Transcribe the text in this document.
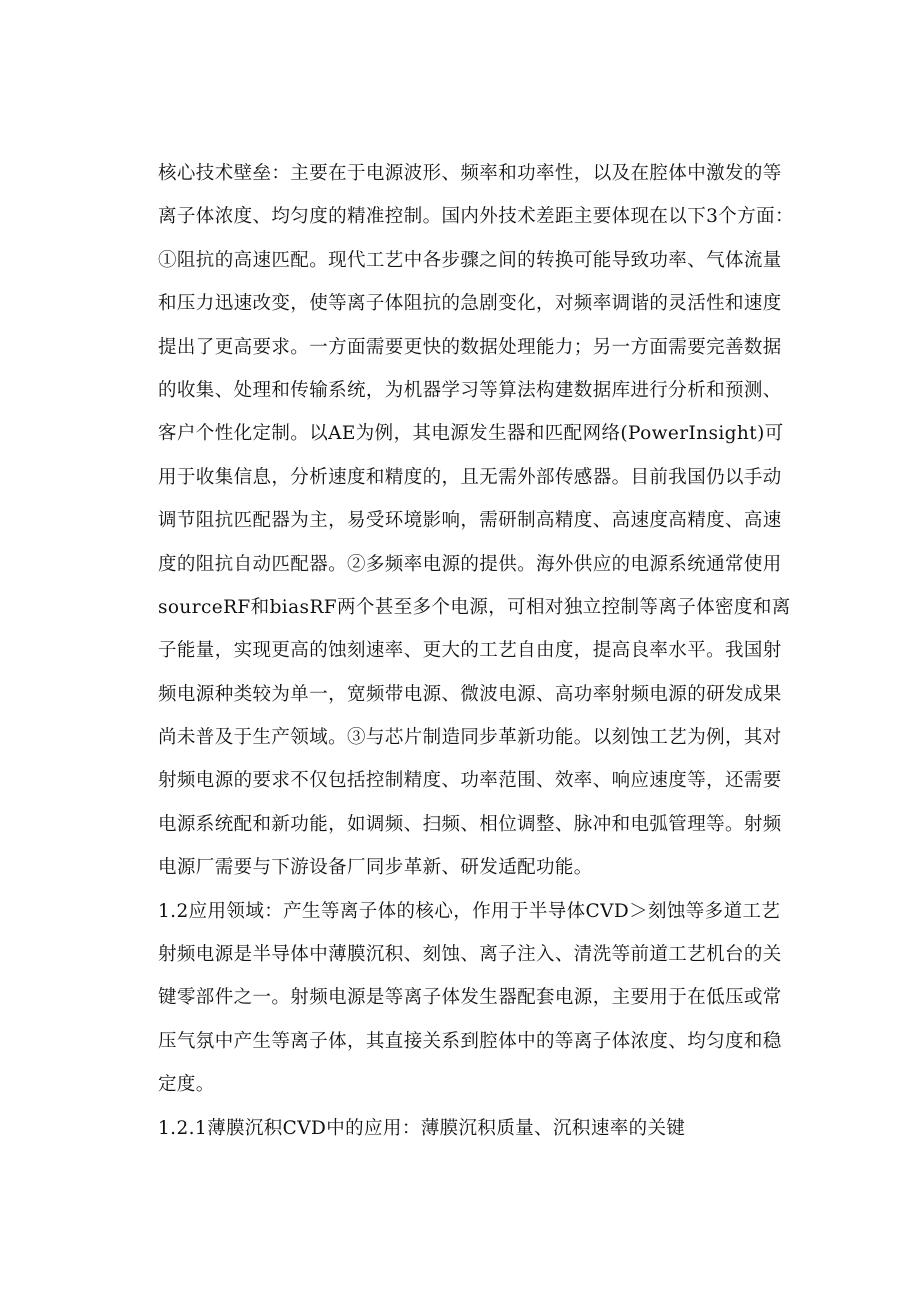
核心技术壁垒：主要在于电源波形、频率和功率性，以及在腔体中激发的等
离子体浓度、均匀度的精准控制。国内外技术差距主要体现在以下3个方面：
①阻抗的高速匹配。现代工艺中各步骤之间的转换可能导致功率、气体流量
和压力迅速改变，使等离子体阻抗的急剧变化，对频率调谐的灵活性和速度
提出了更高要求。一方面需要更快的数据处理能力；另一方面需要完善数据
的收集、处理和传输系统，为机器学习等算法构建数据库进行分析和预测、
客户个性化定制。以AE为例，其电源发生器和匹配网络(PowerInsight)可
用于收集信息，分析速度和精度的，且无需外部传感器。目前我国仍以手动
调节阻抗匹配器为主，易受环境影响，需研制高精度、高速度高精度、高速
度的阻抗自动匹配器。②多频率电源的提供。海外供应的电源系统通常使用
sourceRF和biasRF两个甚至多个电源，可相对独立控制等离子体密度和离
子能量，实现更高的蚀刻速率、更大的工艺自由度，提高良率水平。我国射
频电源种类较为单一，宽频带电源、微波电源、高功率射频电源的研发成果
尚未普及于生产领域。③与芯片制造同步革新功能。以刻蚀工艺为例，其对
射频电源的要求不仅包括控制精度、功率范围、效率、响应速度等，还需要
电源系统配和新功能，如调频、扫频、相位调整、脉冲和电弧管理等。射频
电源厂需要与下游设备厂同步革新、研发适配功能。
1.2应用领域：产生等离子体的核心，作用于半导体CVD＞刻蚀等多道工艺
射频电源是半导体中薄膜沉积、刻蚀、离子注入、清洗等前道工艺机台的关
键零部件之一。射频电源是等离子体发生器配套电源，主要用于在低压或常
压气氛中产生等离子体，其直接关系到腔体中的等离子体浓度、均匀度和稳
定度。
1.2.1薄膜沉积CVD中的应用：薄膜沉积质量、沉积速率的关键
